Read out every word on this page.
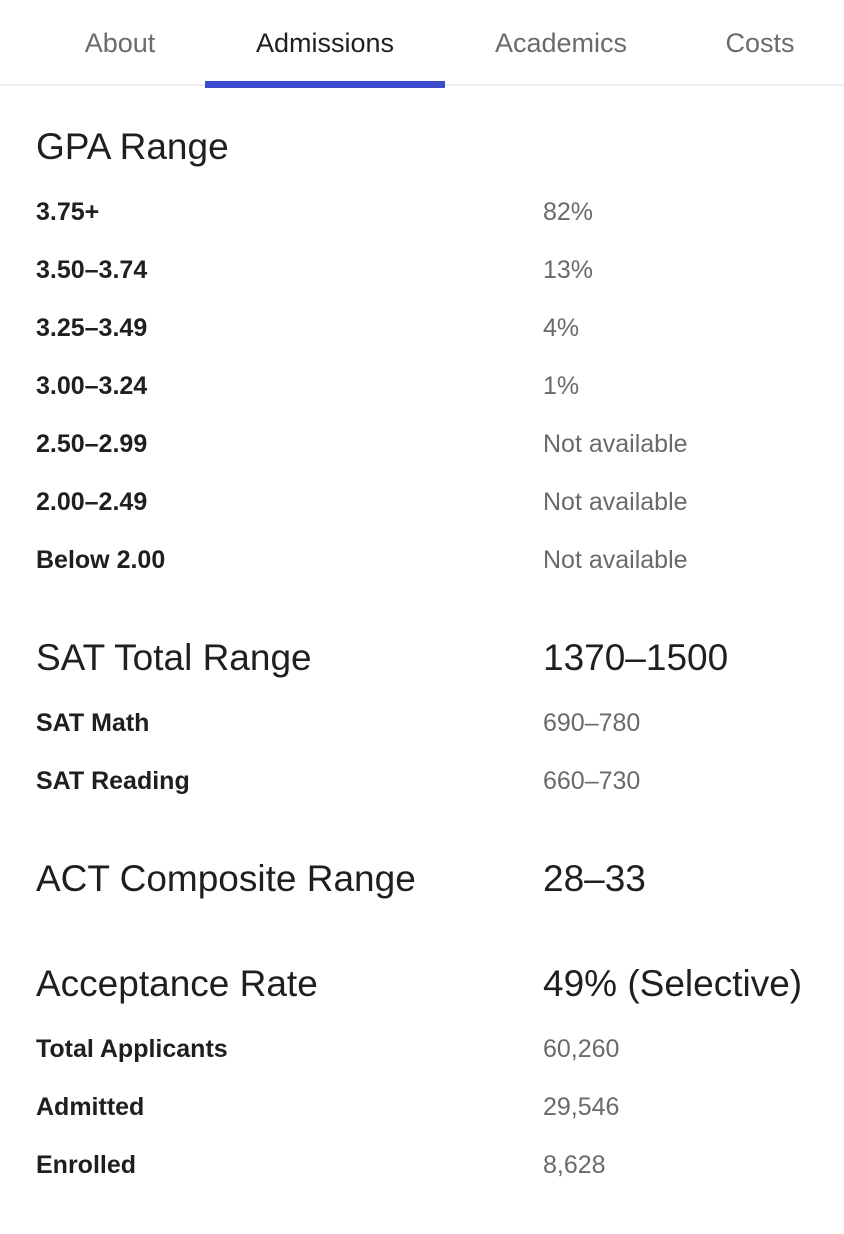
About	Admissions	Academics	Costs
GPA Range
3.75+	82%
3.50–3.74	13%
3.25–3.49	4%
3.00–3.24	1%
2.50–2.99	Not available
2.00–2.49	Not available
Below 2.00	Not available
SAT Total Range	1370–1500
SAT Math	690–780
SAT Reading	660–730
ACT Composite Range	28–33
Acceptance Rate	49% (Selective)
Total Applicants	60,260
Admitted	29,546
Enrolled	8,628
